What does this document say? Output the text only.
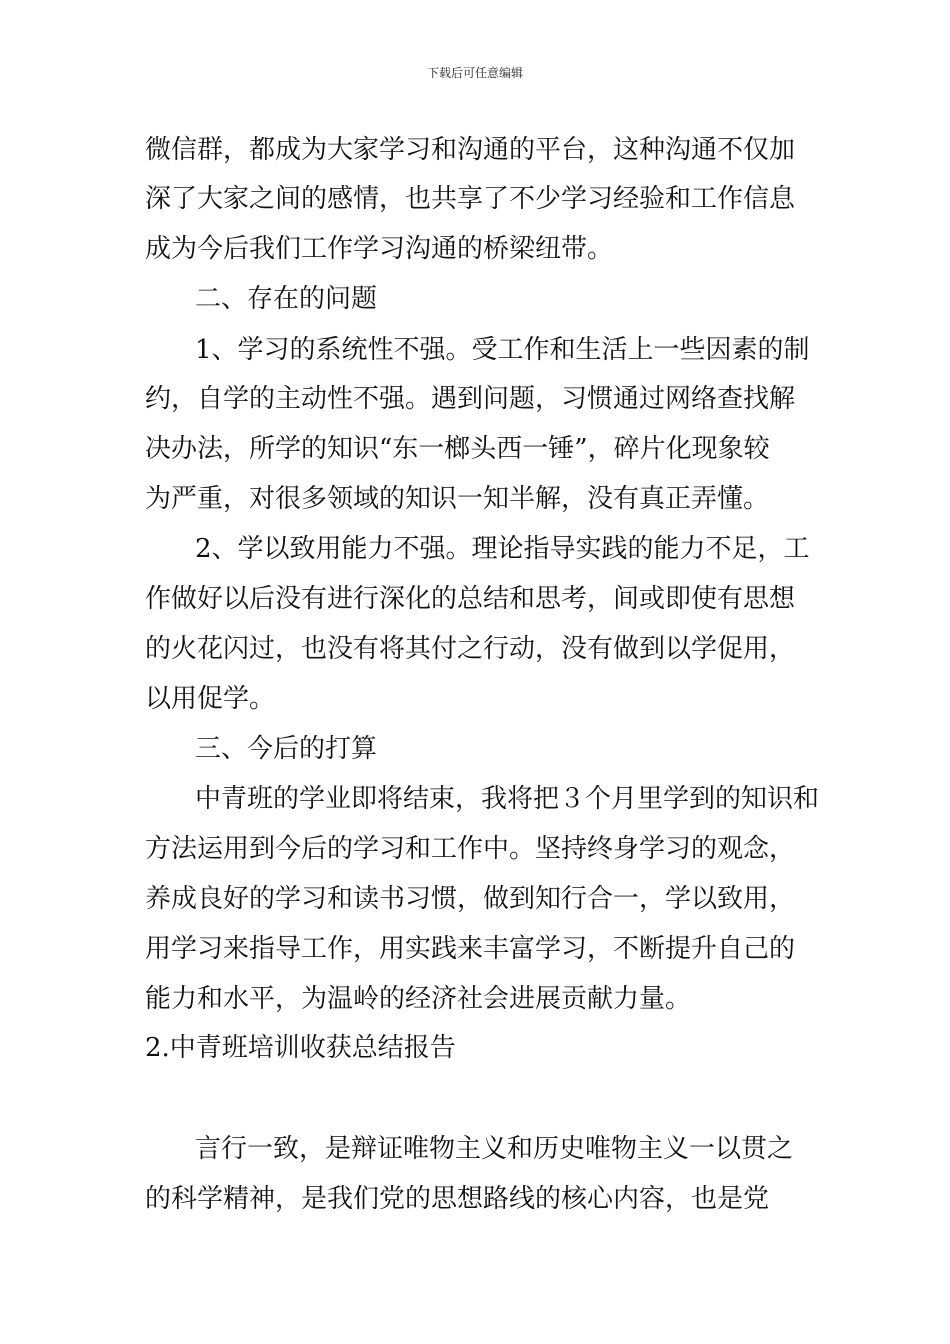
下载后可任意编辑
微信群，都成为大家学习和沟通的平台，这种沟通不仅加
深了大家之间的感情，也共享了不少学习经验和工作信息
成为今后我们工作学习沟通的桥梁纽带。
二、存在的问题
1、学习的系统性不强。受工作和生活上一些因素的制
约，自学的主动性不强。遇到问题，习惯通过网络查找解
决办法，所学的知识“东一榔头西一锤”，碎片化现象较
为严重，对很多领域的知识一知半解，没有真正弄懂。
2、学以致用能力不强。理论指导实践的能力不足，工
作做好以后没有进行深化的总结和思考，间或即使有思想
的火花闪过，也没有将其付之行动，没有做到以学促用，
以用促学。
三、今后的打算
中青班的学业即将结束，我将把３个月里学到的知识和
方法运用到今后的学习和工作中。坚持终身学习的观念，
养成良好的学习和读书习惯，做到知行合一，学以致用，
用学习来指导工作，用实践来丰富学习，不断提升自己的
能力和水平，为温岭的经济社会进展贡献力量。
2.中青班培训收获总结报告
言行一致，是辩证唯物主义和历史唯物主义一以贯之
的科学精神，是我们党的思想路线的核心内容，也是党
